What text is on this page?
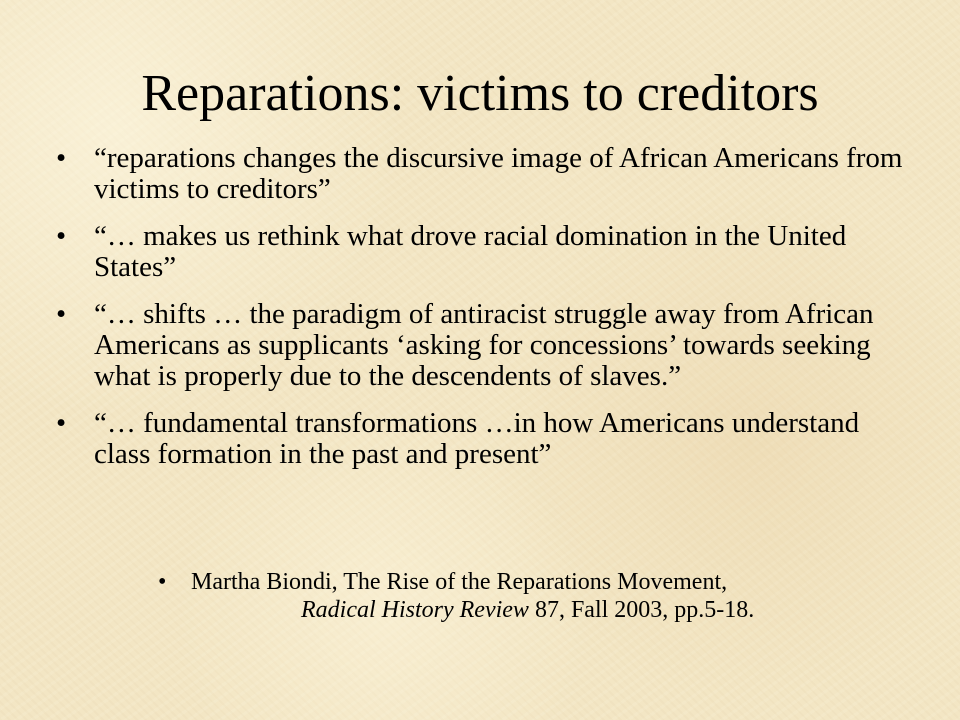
Reparations: victims to creditors
• “reparations changes the discursive image of African Americans from victims to creditors”
• “… makes us rethink what drove racial domination in the United States”
• “… shifts … the paradigm of antiracist struggle away from African Americans as supplicants ‘asking for concessions’ towards seeking what is properly due to the descendents of slaves.”
• “… fundamental transformations …in how Americans understand class formation in the past and present”
•	Martha Biondi, The Rise of the Reparations Movement,
Radical History Review 87, Fall 2003, pp.5-18.
